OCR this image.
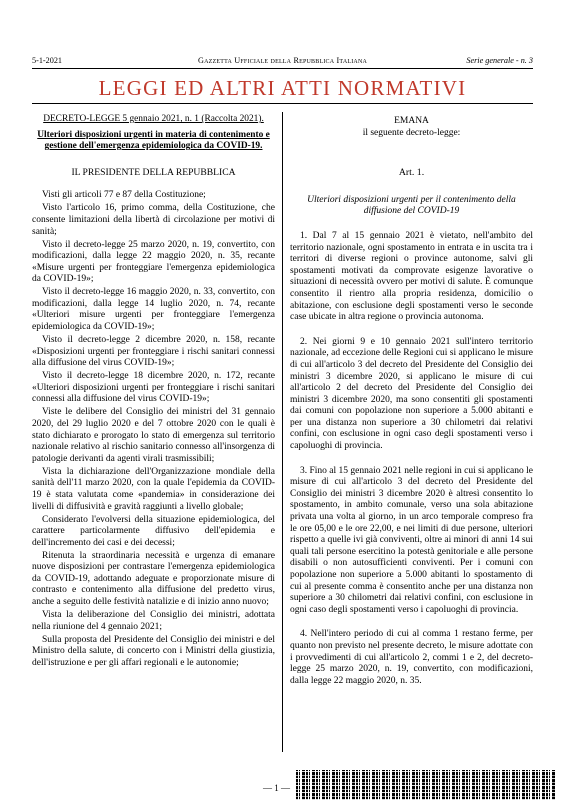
5-1-2021	Gazzetta Ufficiale della Repubblica Italiana	Serie generale - n. 3
LEGGI ED ALTRI ATTI NORMATIVI

DECRETO-LEGGE 5 gennaio 2021, n. 1 (Raccolta 2021).

Ulteriori disposizioni urgenti in materia di contenimento e gestione dell'emergenza epidemiologica da COVID-19.

IL PRESIDENTE DELLA REPUBBLICA

Visti gli articoli 77 e 87 della Costituzione;

Visto l'articolo 16, primo comma, della Costituzione, che consente limitazioni della libertà di circolazione per motivi di sanità;

Visto il decreto-legge 25 marzo 2020, n. 19, convertito, con modificazioni, dalla legge 22 maggio 2020, n. 35, recante «Misure urgenti per fronteggiare l'emergenza epidemiologica da COVID-19»;

Visto il decreto-legge 16 maggio 2020, n. 33, convertito, con modificazioni, dalla legge 14 luglio 2020, n. 74, recante «Ulteriori misure urgenti per fronteggiare l'emergenza epidemiologica da COVID-19»;

Visto il decreto-legge 2 dicembre 2020, n. 158, recante «Disposizioni urgenti per fronteggiare i rischi sanitari connessi alla diffusione del virus COVID-19»;

Visto il decreto-legge 18 dicembre 2020, n. 172, recante «Ulteriori disposizioni urgenti per fronteggiare i rischi sanitari connessi alla diffusione del virus COVID-19»;

Viste le delibere del Consiglio dei ministri del 31 gennaio 2020, del 29 luglio 2020 e del 7 ottobre 2020 con le quali è stato dichiarato e prorogato lo stato di emergenza sul territorio nazionale relativo al rischio sanitario connesso all'insorgenza di patologie derivanti da agenti virali trasmissibili;

Vista la dichiarazione dell'Organizzazione mondiale della sanità dell'11 marzo 2020, con la quale l'epidemia da COVID-19 è stata valutata come «pandemia» in considerazione dei livelli di diffusività e gravità raggiunti a livello globale;

Considerato l'evolversi della situazione epidemiologica, del carattere particolarmente diffusivo dell'epidemia e dell'incremento dei casi e dei decessi;

Ritenuta la straordinaria necessità e urgenza di emanare nuove disposizioni per contrastare l'emergenza epidemiologica da COVID-19, adottando adeguate e proporzionate misure di contrasto e contenimento alla diffusione del predetto virus, anche a seguito delle festività natalizie e di inizio anno nuovo;

Vista la deliberazione del Consiglio dei ministri, adottata nella riunione del 4 gennaio 2021;

Sulla proposta del Presidente del Consiglio dei ministri e del Ministro della salute, di concerto con i Ministri della giustizia, dell'istruzione e per gli affari regionali e le autonomie;

EMANA

il seguente decreto-legge:

Art. 1.

Ulteriori disposizioni urgenti per il contenimento della diffusione del COVID-19

1. Dal 7 al 15 gennaio 2021 è vietato, nell'ambito del territorio nazionale, ogni spostamento in entrata e in uscita tra i territori di diverse regioni o province autonome, salvi gli spostamenti motivati da comprovate esigenze lavorative o situazioni di necessità ovvero per motivi di salute. È comunque consentito il rientro alla propria residenza, domicilio o abitazione, con esclusione degli spostamenti verso le seconde case ubicate in altra regione o provincia autonoma.

2. Nei giorni 9 e 10 gennaio 2021 sull'intero territorio nazionale, ad eccezione delle Regioni cui si applicano le misure di cui all'articolo 3 del decreto del Presidente del Consiglio dei ministri 3 dicembre 2020, si applicano le misure di cui all'articolo 2 del decreto del Presidente del Consiglio dei ministri 3 dicembre 2020, ma sono consentiti gli spostamenti dai comuni con popolazione non superiore a 5.000 abitanti e per una distanza non superiore a 30 chilometri dai relativi confini, con esclusione in ogni caso degli spostamenti verso i capoluoghi di provincia.

3. Fino al 15 gennaio 2021 nelle regioni in cui si applicano le misure di cui all'articolo 3 del decreto del Presidente del Consiglio dei ministri 3 dicembre 2020 è altresì consentito lo spostamento, in ambito comunale, verso una sola abitazione privata una volta al giorno, in un arco temporale compreso fra le ore 05,00 e le ore 22,00, e nei limiti di due persone, ulteriori rispetto a quelle ivi già conviventi, oltre ai minori di anni 14 sui quali tali persone esercitino la potestà genitoriale e alle persone disabili o non autosufficienti conviventi. Per i comuni con popolazione non superiore a 5.000 abitanti lo spostamento di cui al presente comma è consentito anche per una distanza non superiore a 30 chilometri dai relativi confini, con esclusione in ogni caso degli spostamenti verso i capoluoghi di provincia.

4. Nell'intero periodo di cui al comma 1 restano ferme, per quanto non previsto nel presente decreto, le misure adottate con i provvedimenti di cui all'articolo 2, commi 1 e 2, del decreto-legge 25 marzo 2020, n. 19, convertito, con modificazioni, dalla legge 22 maggio 2020, n. 35.

— 1 —
